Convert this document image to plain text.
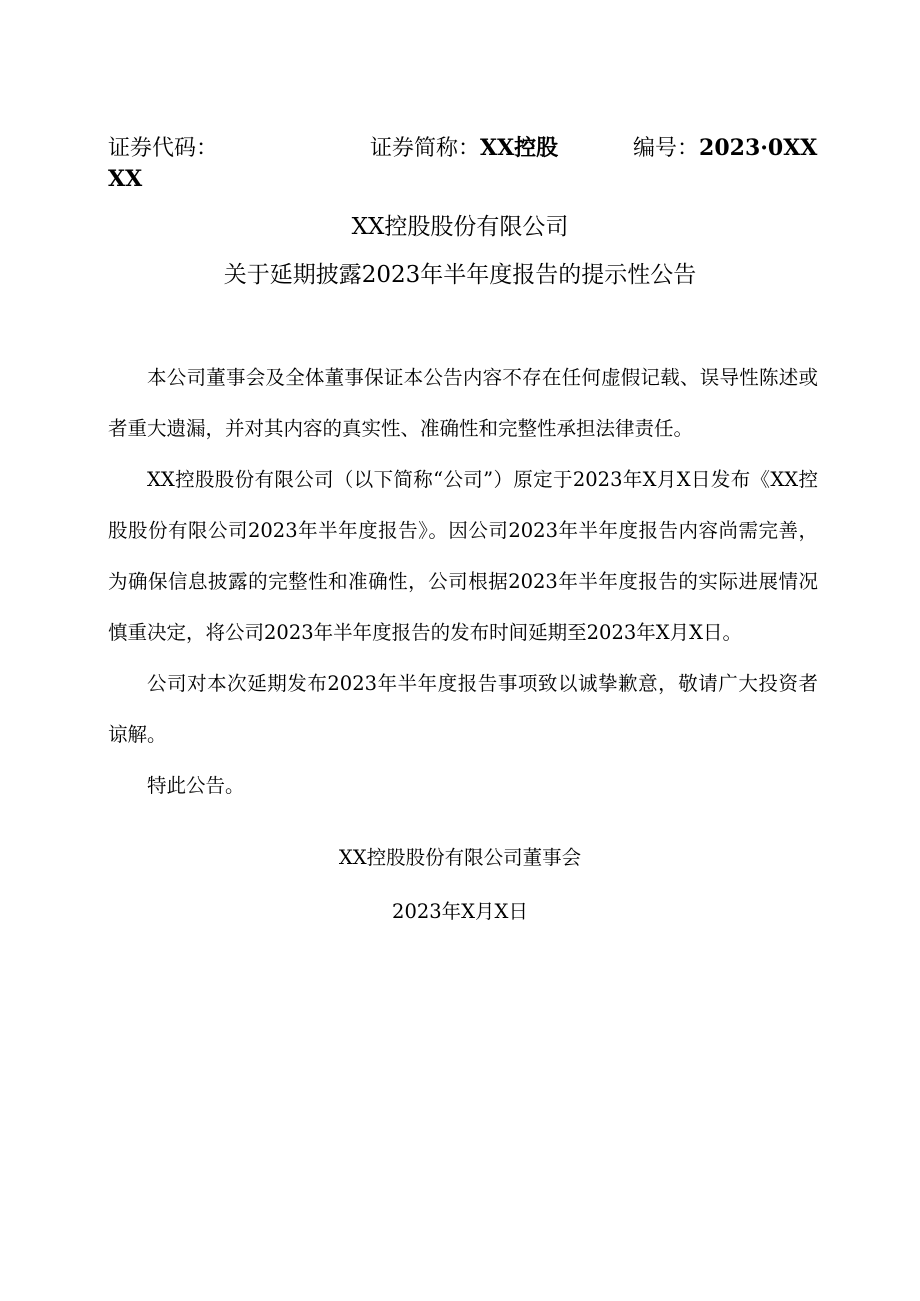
证券代码：	证券简称：XX控股	编号：2023·0XX
XX
XX控股股份有限公司
关于延期披露2023年半年度报告的提示性公告

本公司董事会及全体董事保证本公告内容不存在任何虚假记载、误导性陈述或者重大遗漏，并对其内容的真实性、准确性和完整性承担法律责任。

XX控股股份有限公司（以下简称“公司”）原定于2023年X月X日发布《XX控股股份有限公司2023年半年度报告》。因公司2023年半年度报告内容尚需完善，为确保信息披露的完整性和准确性，公司根据2023年半年度报告的实际进展情况慎重决定，将公司2023年半年度报告的发布时间延期至2023年X月X日。

公司对本次延期发布2023年半年度报告事项致以诚挚歉意，敬请广大投资者谅解。

特此公告。

XX控股股份有限公司董事会
2023年X月X日
